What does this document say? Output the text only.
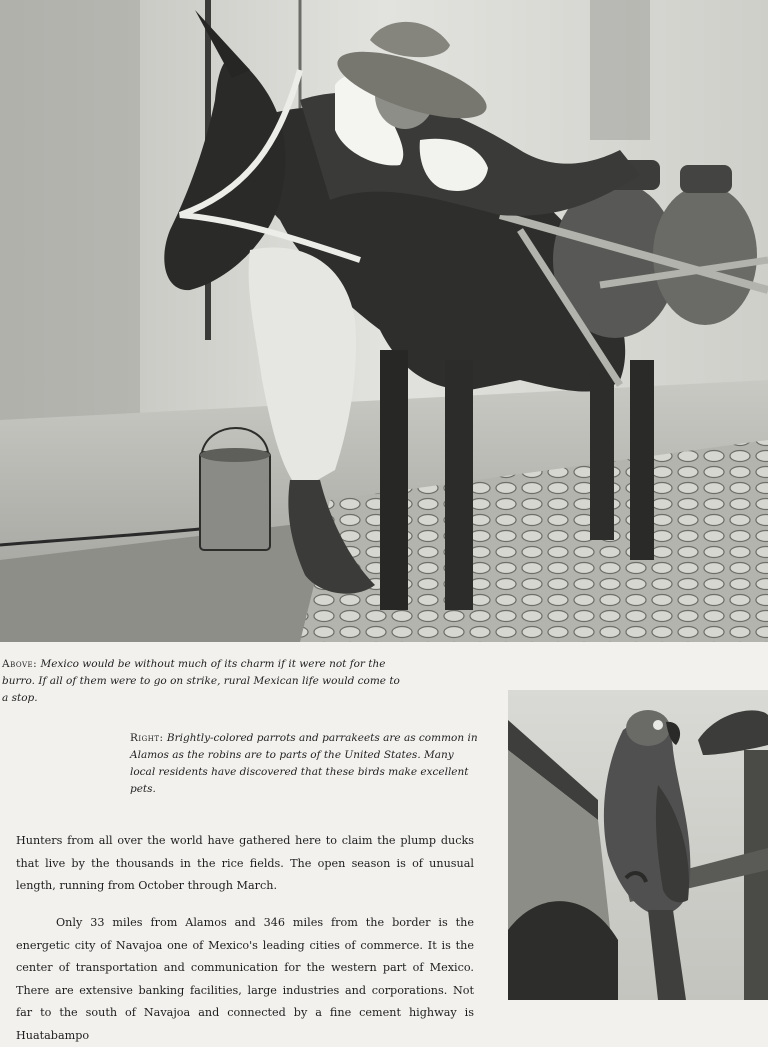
Above: Mexico would be without much of its charm if it were not for the burro. If all of them were to go on strike, rural Mexican life would come to a stop.
Right: Brightly-colored parrots and parrakeets are as common in Alamos as the robins are to parts of the United States. Many local residents have discovered that these birds make excellent pets.

Hunters from all over the world have gathered here to claim the plump ducks that live by the thousands in the rice fields. The open season is of unusual length, running from October through March.

Only 33 miles from Alamos and 346 miles from the border is the energetic city of Navajoa one of Mexico's leading cities of commerce. It is the center of transportation and communication for the western part of Mexico. There are extensive banking facilities, large industries and corporations. Not far to the south of Navajoa and connected by a fine cement highway is Huatabampo
